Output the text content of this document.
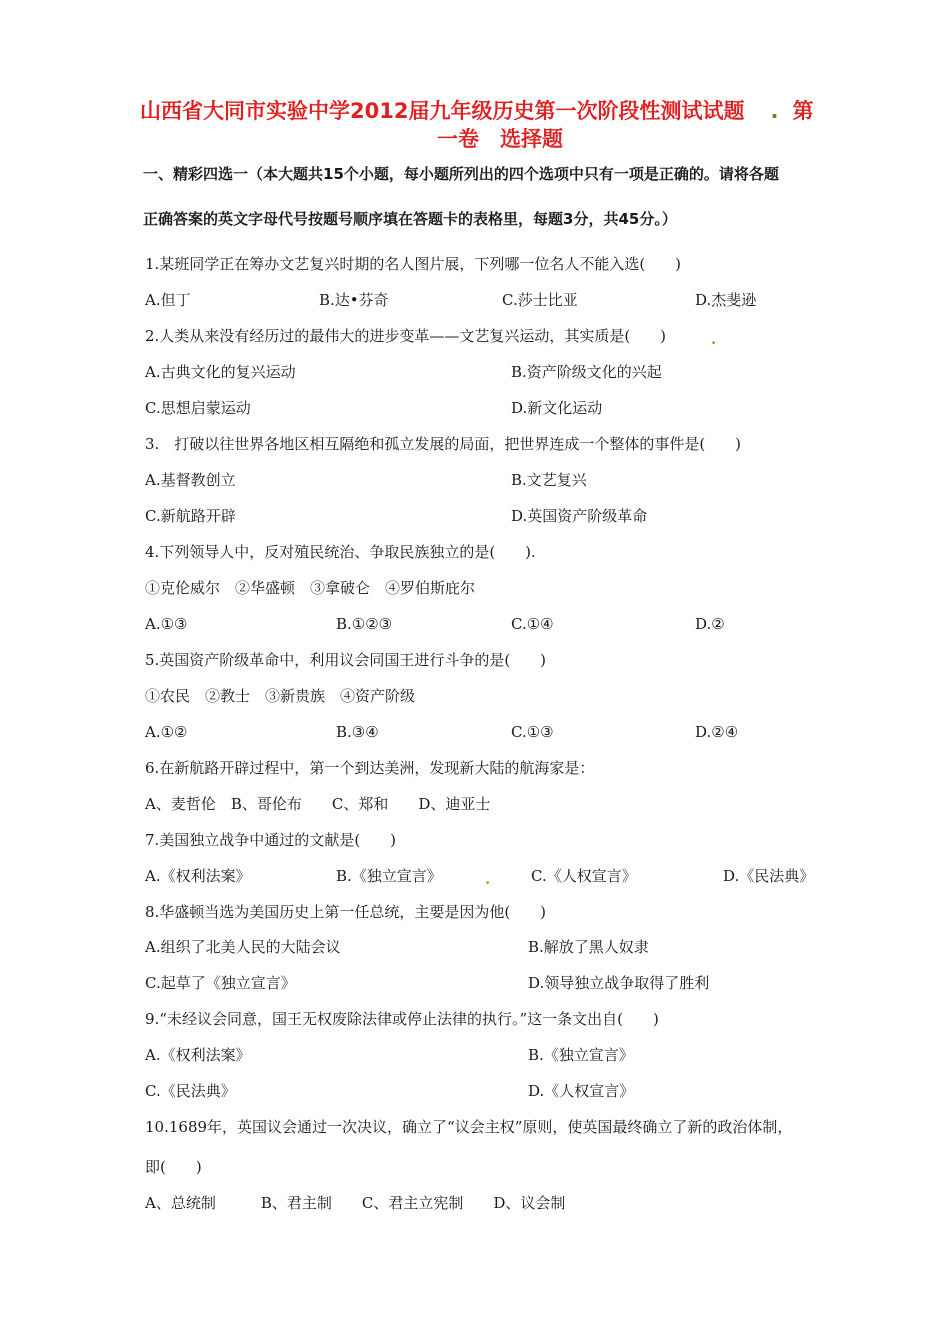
山西省大同市实验中学2012届九年级历史第一次阶段性测试试题 . 第
一卷　选择题
一、精彩四选一（本大题共15个小题，每小题所列出的四个选项中只有一项是正确的。请将各题
正确答案的英文字母代号按题号顺序填在答题卡的表格里，每题3分，共45分。）
1.某班同学正在筹办文艺复兴时期的名人图片展，下列哪一位名人不能入选(　　)
A.但丁	B.达•芬奇	C.莎士比亚	D.杰斐逊
2.人类从来没有经历过的最伟大的进步变革——文艺复兴运动，其实质是(　　)	.
A.古典文化的复兴运动	B.资产阶级文化的兴起
C.思想启蒙运动	D.新文化运动
3.　打破以往世界各地区相互隔绝和孤立发展的局面，把世界连成一个整体的事件是(　　)
A.基督教创立	B.文艺复兴
C.新航路开辟	D.英国资产阶级革命
4.下列领导人中，反对殖民统治、争取民族独立的是(　　).
①克伦威尔　②华盛顿　③拿破仑　④罗伯斯庇尔
A.①③	B.①②③	C.①④	D.②
5.英国资产阶级革命中，利用议会同国王进行斗争的是(　　)
①农民　②教士　③新贵族　④资产阶级
A.①②	B.③④	C.①③	D.②④
6.在新航路开辟过程中，第一个到达美洲，发现新大陆的航海家是：
A、麦哲伦　B、哥伦布　　C、郑和　　D、迪亚士
7.美国独立战争中通过的文献是(　　)
A.《权利法案》	B.《独立宣言》	.	C.《人权宣言》	D.《民法典》
8.华盛顿当选为美国历史上第一任总统，主要是因为他(　　)
A.组织了北美人民的大陆会议	B.解放了黑人奴隶
C.起草了《独立宣言》	D.领导独立战争取得了胜利
9.“未经议会同意，国王无权废除法律或停止法律的执行。”这一条文出自(　　)
A.《权利法案》	B.《独立宣言》
C.《民法典》	D.《人权宣言》
10.1689年，英国议会通过一次决议，确立了“议会主权”原则，使英国最终确立了新的政治体制，
即(　　)
A、总统制　　　B、君主制　　C、君主立宪制　　D、议会制
